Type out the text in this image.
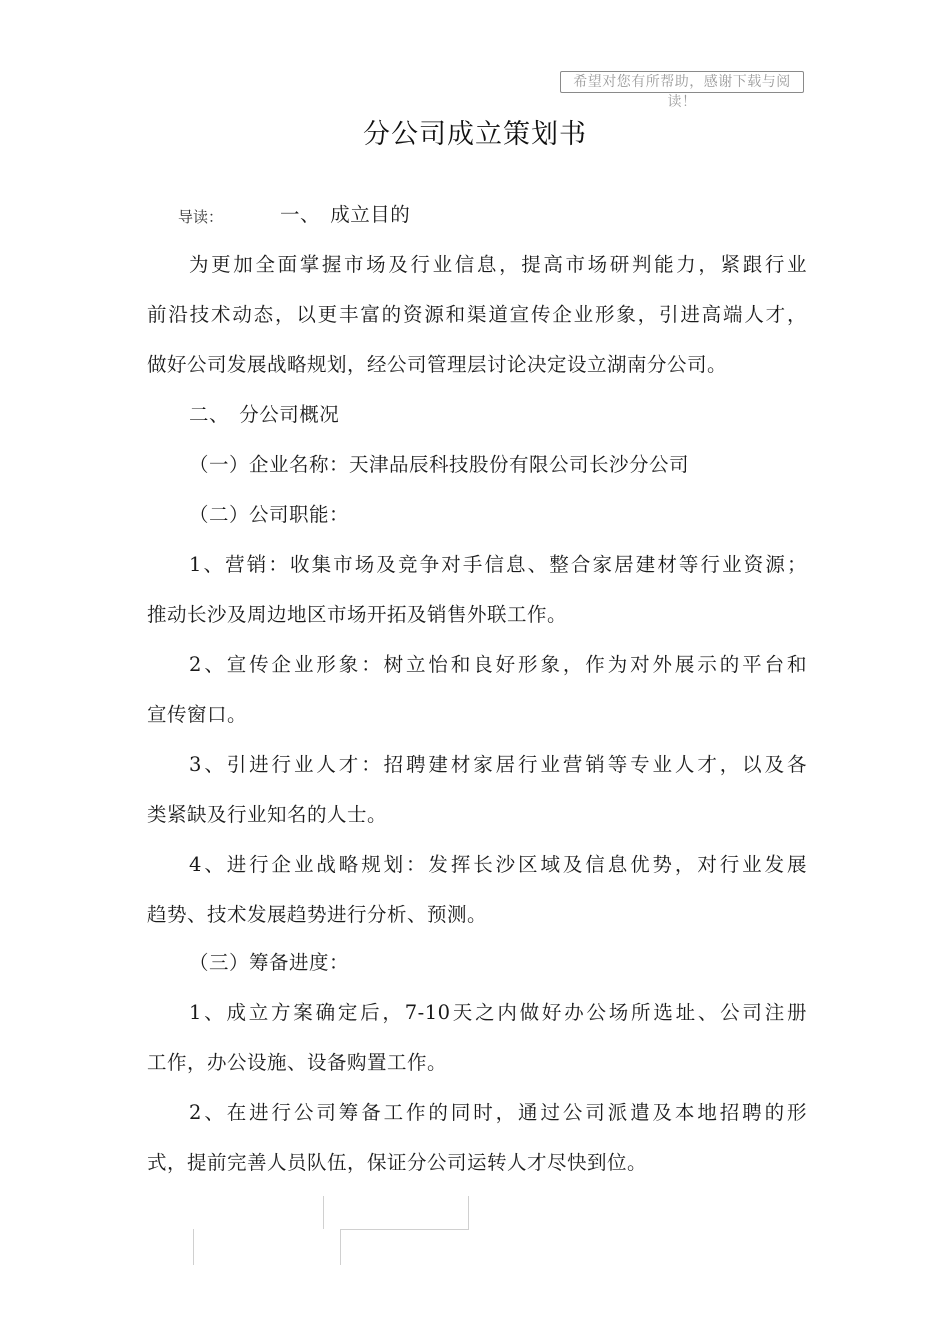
希望对您有所帮助，感谢下载与阅读！
分公司成立策划书
导读：	一、　成立目的
为更加全面掌握市场及行业信息，提高市场研判能力，紧跟行业
前沿技术动态，以更丰富的资源和渠道宣传企业形象，引进高端人才，
做好公司发展战略规划，经公司管理层讨论决定设立湖南分公司。
二、　分公司概况
（一）企业名称：天津品辰科技股份有限公司长沙分公司
（二）公司职能：
1、营销：收集市场及竞争对手信息、整合家居建材等行业资源；
推动长沙及周边地区市场开拓及销售外联工作。
2、宣传企业形象：树立怡和良好形象，作为对外展示的平台和
宣传窗口。
3、引进行业人才：招聘建材家居行业营销等专业人才，以及各
类紧缺及行业知名的人士。
4、进行企业战略规划：发挥长沙区域及信息优势，对行业发展
趋势、技术发展趋势进行分析、预测。
（三）筹备进度：
1、成立方案确定后，7-10天之内做好办公场所选址、公司注册
工作，办公设施、设备购置工作。
2、在进行公司筹备工作的同时，通过公司派遣及本地招聘的形
式，提前完善人员队伍，保证分公司运转人才尽快到位。
